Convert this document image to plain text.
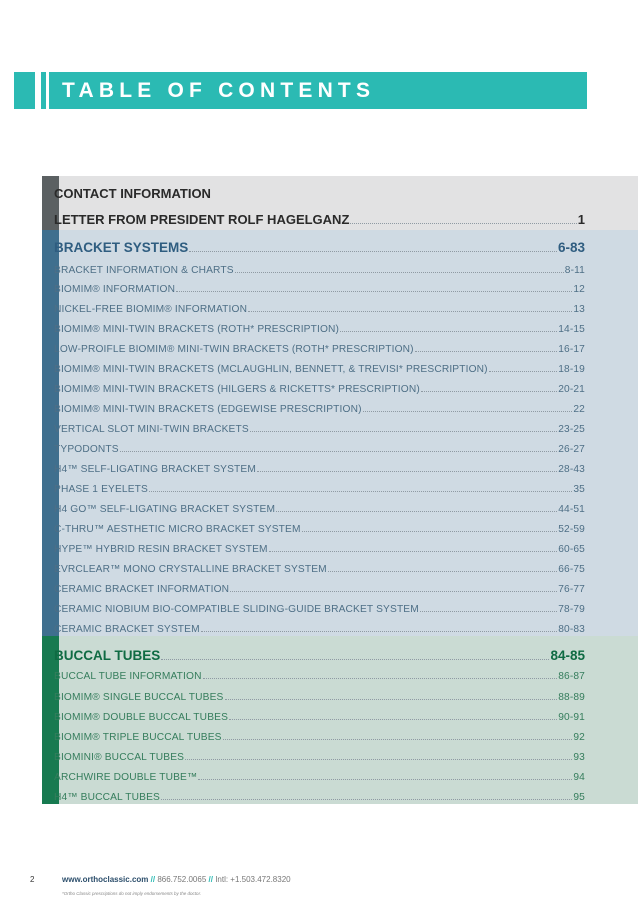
TABLE OF CONTENTS
CONTACT INFORMATION
LETTER FROM PRESIDENT ROLF HAGELGANZ	1
BRACKET SYSTEMS	6-83
BRACKET INFORMATION & CHARTS	8-11
BIOMIM® INFORMATION	12
NICKEL-FREE BIOMIM® INFORMATION	13
BIOMIM® MINI-TWIN BRACKETS (ROTH* PRESCRIPTION)	14-15
LOW-PROIFLE BIOMIM® MINI-TWIN BRACKETS (ROTH* PRESCRIPTION)	16-17
BIOMIM® MINI-TWIN BRACKETS (MCLAUGHLIN, BENNETT, & TREVISI* PRESCRIPTION)	18-19
BIOMIM® MINI-TWIN BRACKETS (HILGERS & RICKETTS* PRESCRIPTION)	20-21
BIOMIM® MINI-TWIN BRACKETS (EDGEWISE PRESCRIPTION)	22
VERTICAL SLOT MINI-TWIN BRACKETS	23-25
TYPODONTS	26-27
H4™ SELF-LIGATING BRACKET SYSTEM	28-43
PHASE 1 EYELETS	35
H4 GO™ SELF-LIGATING BRACKET SYSTEM	44-51
C-THRU™ AESTHETIC MICRO BRACKET SYSTEM	52-59
HYPE™ HYBRID RESIN BRACKET SYSTEM	60-65
EVRCLEAR™ MONO CRYSTALLINE BRACKET SYSTEM	66-75
CERAMIC BRACKET INFORMATION	76-77
CERAMIC NIOBIUM BIO-COMPATIBLE SLIDING-GUIDE BRACKET SYSTEM	78-79
CERAMIC BRACKET SYSTEM	80-83
BUCCAL TUBES	84-85
BUCCAL TUBE INFORMATION	86-87
BIOMIM® SINGLE BUCCAL TUBES	88-89
BIOMIM® DOUBLE BUCCAL TUBES	90-91
BIOMIM® TRIPLE BUCCAL TUBES	92
BIOMINI® BUCCAL TUBES	93
ARCHWIRE DOUBLE TUBE™	94
H4™ BUCCAL TUBES	95
2	www.orthoclassic.com // 866.752.0065 // Intl: +1.503.472.8320
*Ortho Classic prescriptions do not imply endorsements by the doctor.
